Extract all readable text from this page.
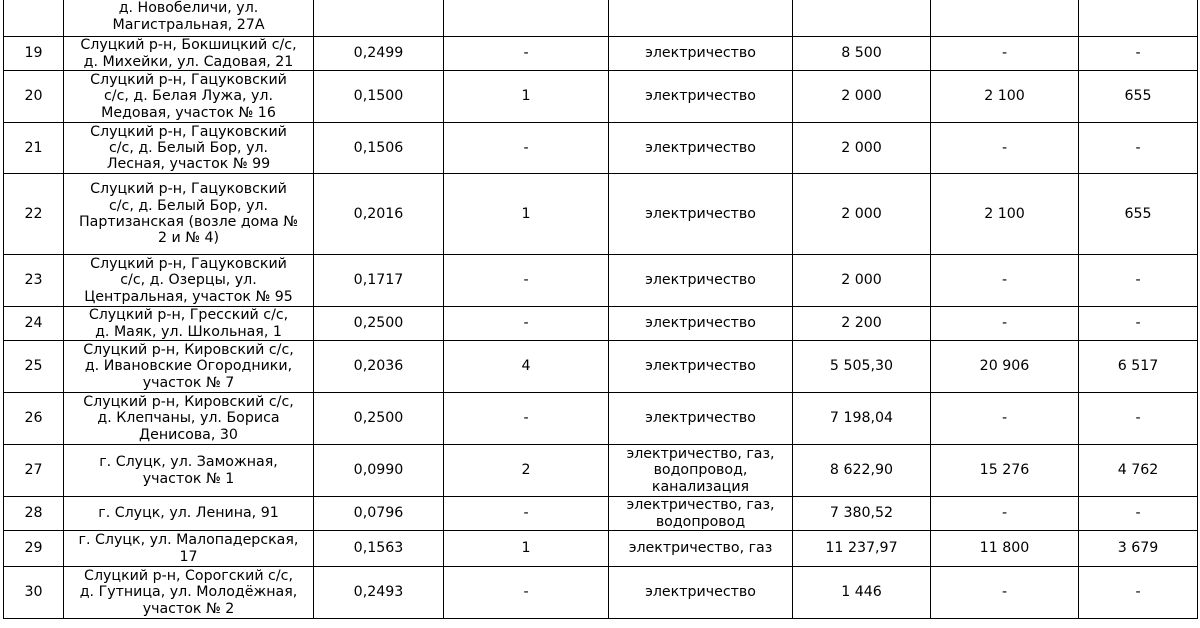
	д. Новобеличи, ул.
Магистральная, 27А						
19	Слуцкий р-н, Бокшицкий с/с,
д. Михейки, ул. Садовая, 21	0,2499	-	электричество	8 500	-	-
20	Слуцкий р-н, Гацуковский
с/с, д. Белая Лужа, ул.
Медовая, участок № 16	0,1500	1	электричество	2 000	2 100	655
21	Слуцкий р-н, Гацуковский
с/с, д. Белый Бор, ул.
Лесная, участок № 99	0,1506	-	электричество	2 000	-	-
22	Слуцкий р-н, Гацуковский
с/с, д. Белый Бор, ул.
Партизанская (возле дома №
2 и № 4)	0,2016	1	электричество	2 000	2 100	655
23	Слуцкий р-н, Гацуковский
с/с, д. Озерцы, ул.
Центральная, участок № 95	0,1717	-	электричество	2 000	-	-
24	Слуцкий р-н, Гресский с/с,
д. Маяк, ул. Школьная, 1	0,2500	-	электричество	2 200	-	-
25	Слуцкий р-н, Кировский с/с,
д. Ивановские Огородники,
участок № 7	0,2036	4	электричество	5 505,30	20 906	6 517
26	Слуцкий р-н, Кировский с/с,
д. Клепчаны, ул. Бориса
Денисова, 30	0,2500	-	электричество	7 198,04	-	-
27	г. Слуцк, ул. Заможная,
участок № 1	0,0990	2	электричество, газ,
водопровод,
канализация	8 622,90	15 276	4 762
28	г. Слуцк, ул. Ленина, 91	0,0796	-	электричество, газ,
водопровод	7 380,52	-	-
29	г. Слуцк, ул. Малопадерская,
17	0,1563	1	электричество, газ	11 237,97	11 800	3 679
30	Слуцкий р-н, Сорогский с/с,
д. Гутница, ул. Молодёжная,
участок № 2	0,2493	-	электричество	1 446	-	-
